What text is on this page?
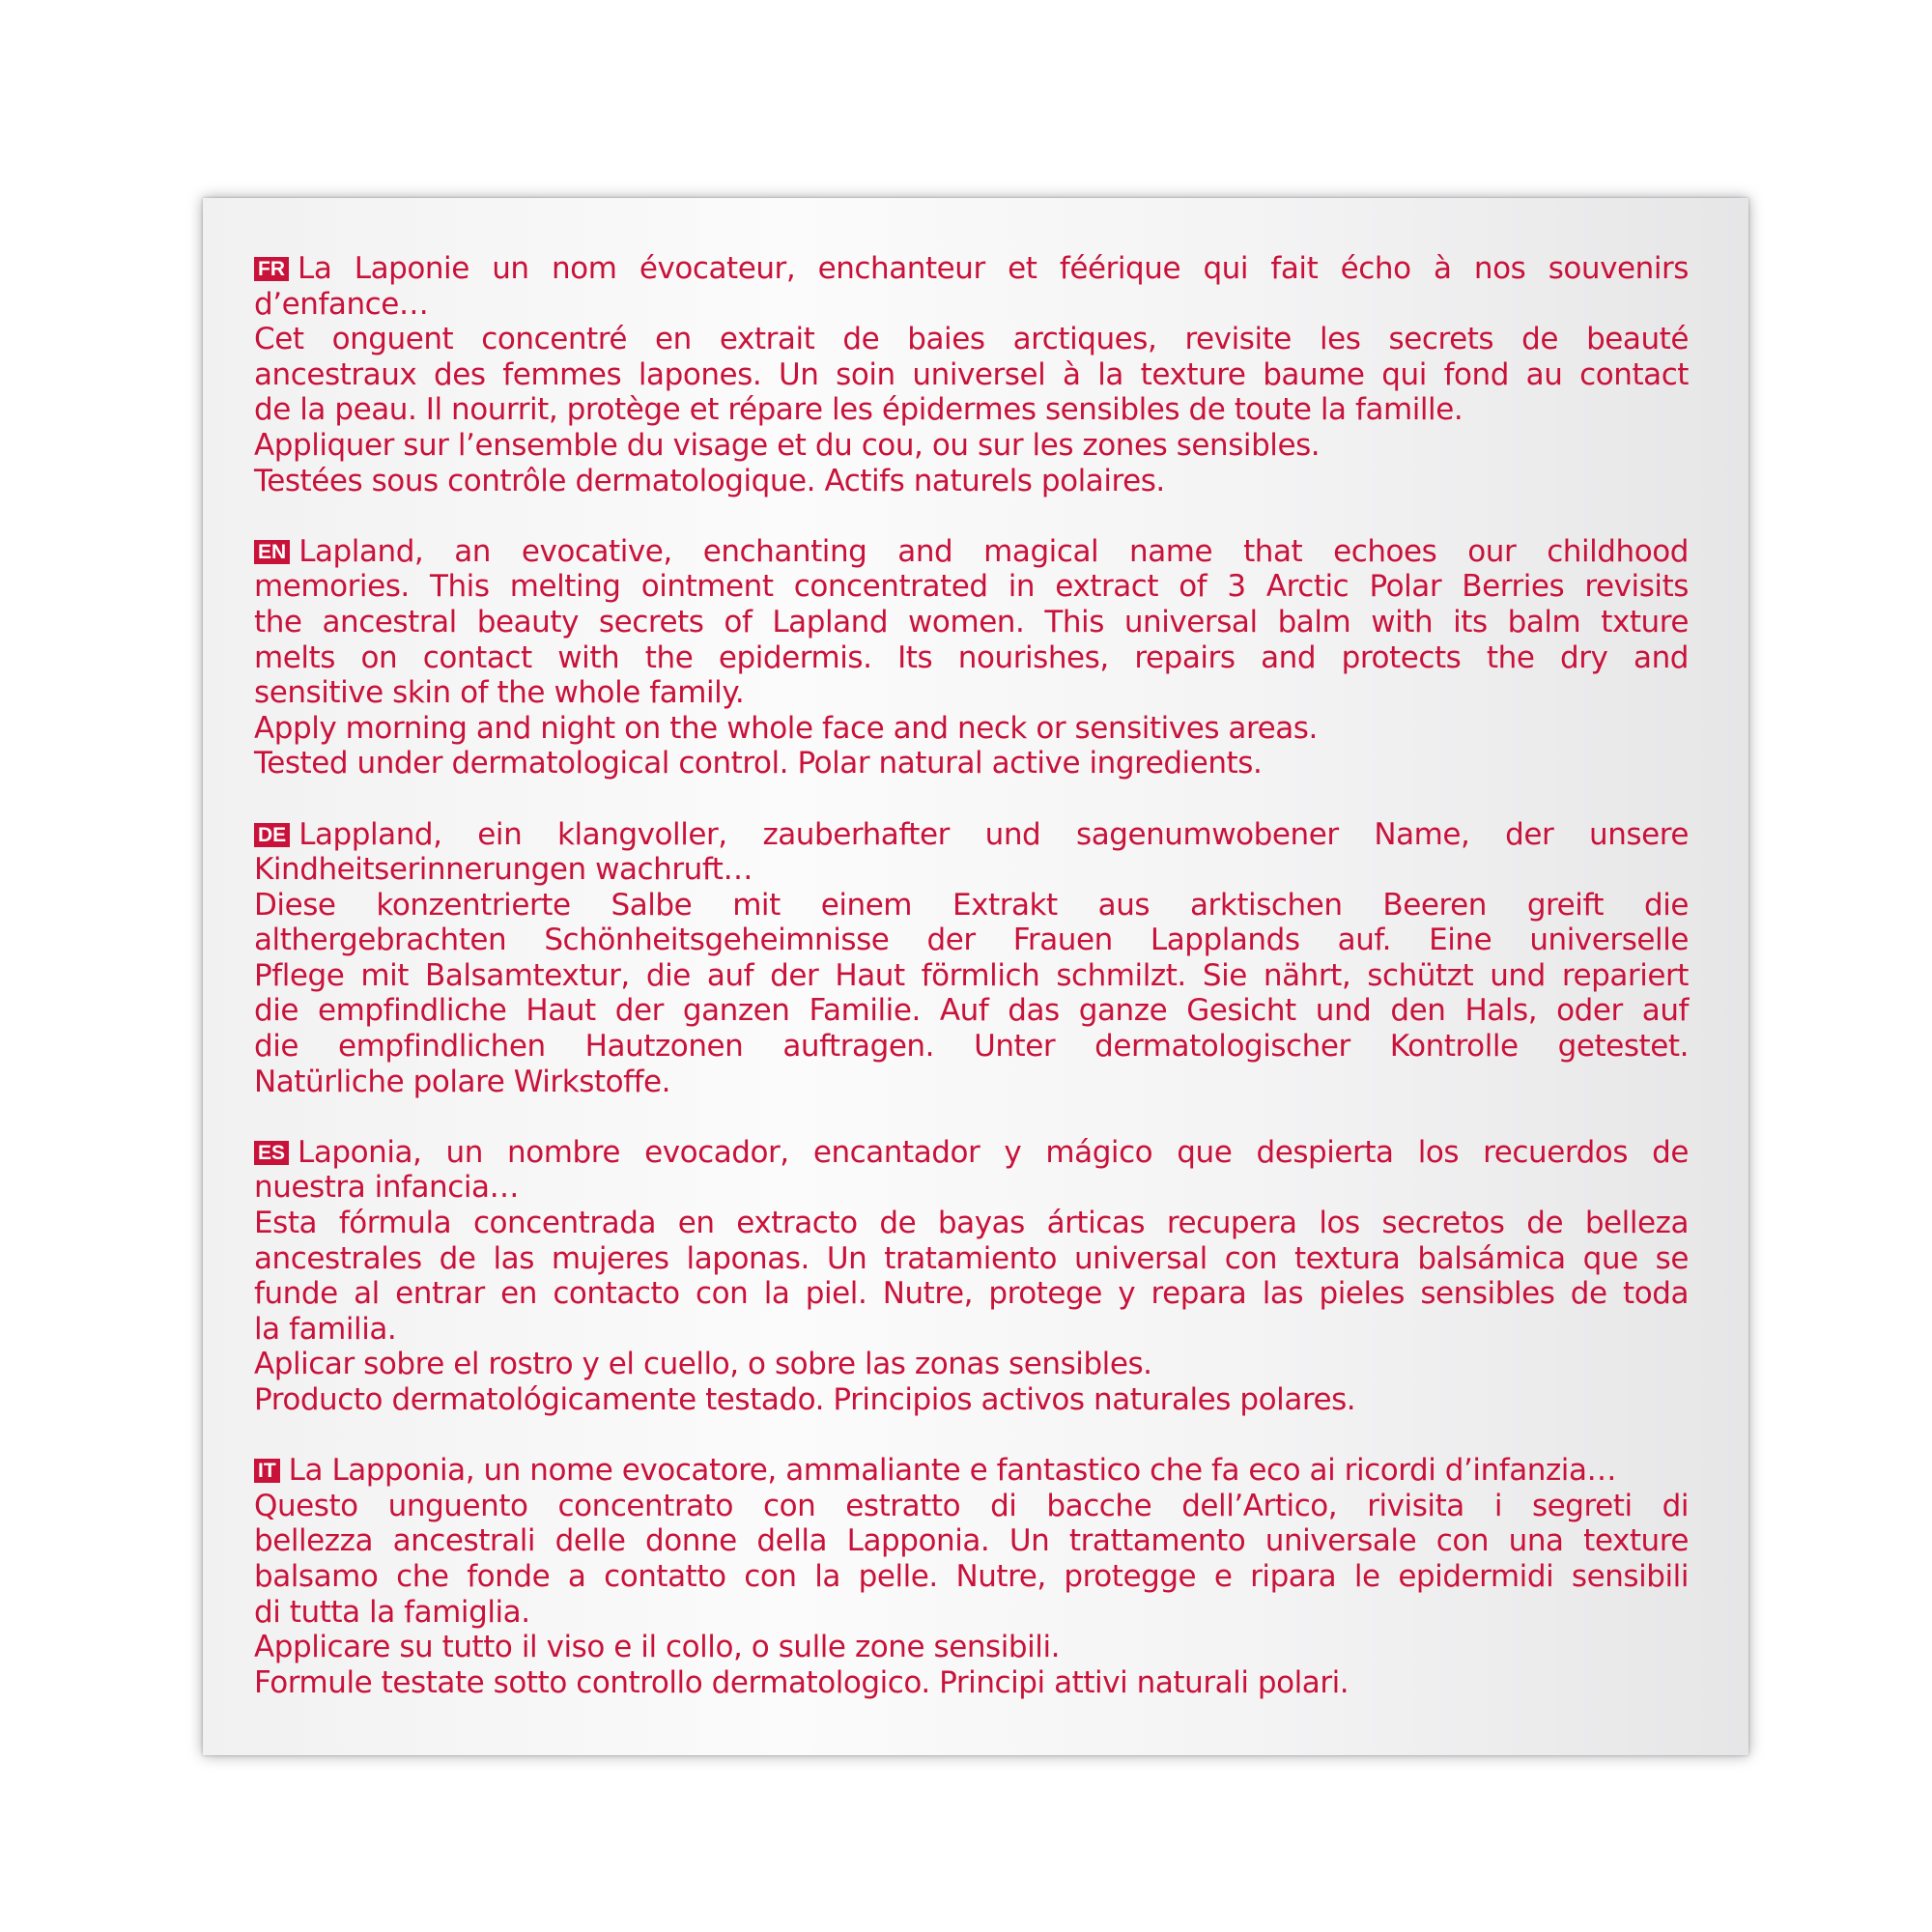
FR La Laponie un nom évocateur, enchanteur et féérique qui fait écho à nos souvenirs
d’enfance…
Cet onguent concentré en extrait de baies arctiques, revisite les secrets de beauté
ancestraux des femmes lapones. Un soin universel à la texture baume qui fond au contact
de la peau. Il nourrit, protège et répare les épidermes sensibles de toute la famille.
Appliquer sur l’ensemble du visage et du cou, ou sur les zones sensibles.
Testées sous contrôle dermatologique. Actifs naturels polaires.
EN Lapland, an evocative, enchanting and magical name that echoes our childhood
memories. This melting ointment concentrated in extract of 3 Arctic Polar Berries revisits
the ancestral beauty secrets of Lapland women. This universal balm with its balm txture
melts on contact with the epidermis. Its nourishes, repairs and protects the dry and
sensitive skin of the whole family.
Apply morning and night on the whole face and neck or sensitives areas.
Tested under dermatological control. Polar natural active ingredients.
DE Lappland, ein klangvoller, zauberhafter und sagenumwobener Name, der unsere
Kindheitserinnerungen wachruft…
Diese konzentrierte Salbe mit einem Extrakt aus arktischen Beeren greift die
althergebrachten Schönheitsgeheimnisse der Frauen Lapplands auf. Eine universelle
Pflege mit Balsamtextur, die auf der Haut förmlich schmilzt. Sie nährt, schützt und repariert
die empfindliche Haut der ganzen Familie. Auf das ganze Gesicht und den Hals, oder auf
die empfindlichen Hautzonen auftragen. Unter dermatologischer Kontrolle getestet.
Natürliche polare Wirkstoffe.
ES Laponia, un nombre evocador, encantador y mágico que despierta los recuerdos de
nuestra infancia…
Esta fórmula concentrada en extracto de bayas árticas recupera los secretos de belleza
ancestrales de las mujeres laponas. Un tratamiento universal con textura balsámica que se
funde al entrar en contacto con la piel. Nutre, protege y repara las pieles sensibles de toda
la familia.
Aplicar sobre el rostro y el cuello, o sobre las zonas sensibles.
Producto dermatológicamente testado. Principios activos naturales polares.
IT La Lapponia, un nome evocatore, ammaliante e fantastico che fa eco ai ricordi d’infanzia…
Questo unguento concentrato con estratto di bacche dell’Artico, rivisita i segreti di
bellezza ancestrali delle donne della Lapponia. Un trattamento universale con una texture
balsamo che fonde a contatto con la pelle. Nutre, protegge e ripara le epidermidi sensibili
di tutta la famiglia.
Applicare su tutto il viso e il collo, o sulle zone sensibili.
Formule testate sotto controllo dermatologico. Principi attivi naturali polari.
